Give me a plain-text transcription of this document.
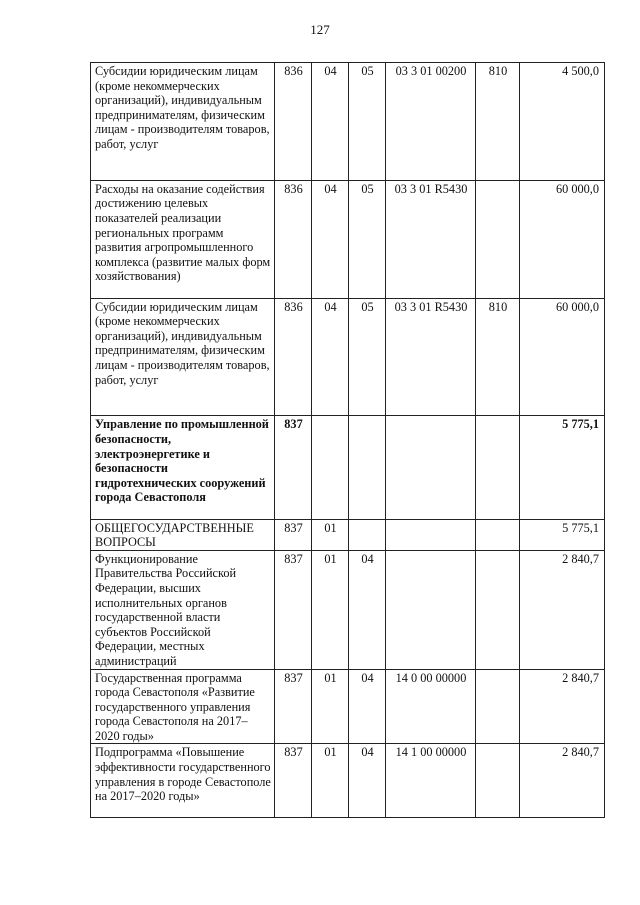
127
Субсидии юридическим лицам (кроме некоммерческих организаций), индивидуальным предпринимателям, физическим лицам - производителям товаров, работ, услуг	836	04	05	03 3 01 00200	810	4 500,0
Расходы на оказание содействия достижению целевых показателей реализации региональных программ развития агропромышленного комплекса (развитие малых форм хозяйствования)	836	04	05	03 3 01 R5430		60 000,0
Субсидии юридическим лицам (кроме некоммерческих организаций), индивидуальным предпринимателям, физическим лицам - производителям товаров, работ, услуг	836	04	05	03 3 01 R5430	810	60 000,0
Управление по промышленной безопасности, электроэнергетике и безопасности гидротехнических сооружений города Севастополя	837					5 775,1
ОБЩЕГОСУДАРСТВЕННЫЕ ВОПРОСЫ	837	01				5 775,1
Функционирование Правительства Российской Федерации, высших исполнительных органов государственной власти субъектов Российской Федерации, местных администраций	837	01	04			2 840,7
Государственная программа города Севастополя «Развитие государственного управления города Севастополя на 2017–2020 годы»	837	01	04	14 0 00 00000		2 840,7
Подпрограмма «Повышение эффективности государственного управления в городе Севастополе на 2017–2020 годы»	837	01	04	14 1 00 00000		2 840,7
